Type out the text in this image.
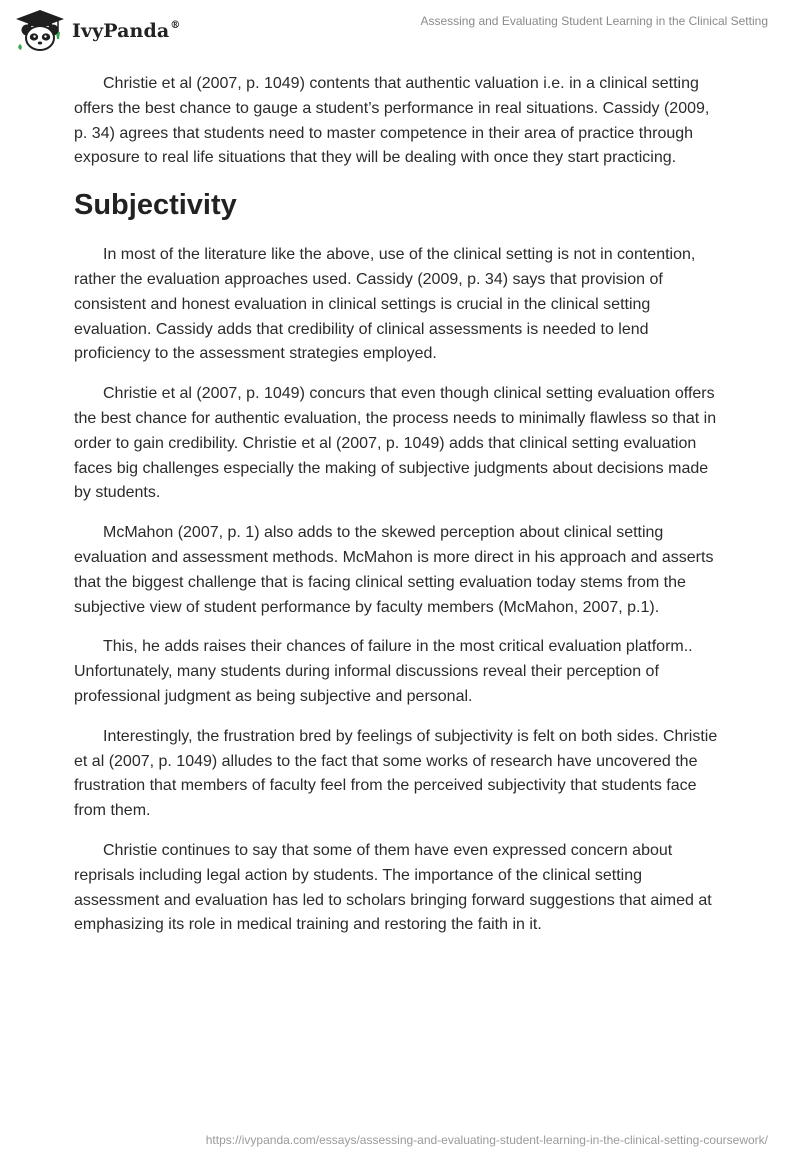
IvyPanda®	Assessing and Evaluating Student Learning in the Clinical Setting

Christie et al (2007, p. 1049) contents that authentic valuation i.e. in a clinical setting offers the best chance to gauge a student’s performance in real situations. Cassidy (2009, p. 34) agrees that students need to master competence in their area of practice through exposure to real life situations that they will be dealing with once they start practicing.

Subjectivity

In most of the literature like the above, use of the clinical setting is not in contention, rather the evaluation approaches used. Cassidy (2009, p. 34) says that provision of consistent and honest evaluation in clinical settings is crucial in the clinical setting evaluation. Cassidy adds that credibility of clinical assessments is needed to lend proficiency to the assessment strategies employed.

Christie et al (2007, p. 1049) concurs that even though clinical setting evaluation offers the best chance for authentic evaluation, the process needs to minimally flawless so that in order to gain credibility. Christie et al (2007, p. 1049) adds that clinical setting evaluation faces big challenges especially the making of subjective judgments about decisions made by students.

McMahon (2007, p. 1) also adds to the skewed perception about clinical setting evaluation and assessment methods. McMahon is more direct in his approach and asserts that the biggest challenge that is facing clinical setting evaluation today stems from the subjective view of student performance by faculty members (McMahon, 2007, p.1).

This, he adds raises their chances of failure in the most critical evaluation platform.. Unfortunately, many students during informal discussions reveal their perception of professional judgment as being subjective and personal.

Interestingly, the frustration bred by feelings of subjectivity is felt on both sides. Christie et al (2007, p. 1049) alludes to the fact that some works of research have uncovered the frustration that members of faculty feel from the perceived subjectivity that students face from them.

Christie continues to say that some of them have even expressed concern about reprisals including legal action by students. The importance of the clinical setting assessment and evaluation has led to scholars bringing forward suggestions that aimed at emphasizing its role in medical training and restoring the faith in it.

https://ivypanda.com/essays/assessing-and-evaluating-student-learning-in-the-clinical-setting-coursework/
